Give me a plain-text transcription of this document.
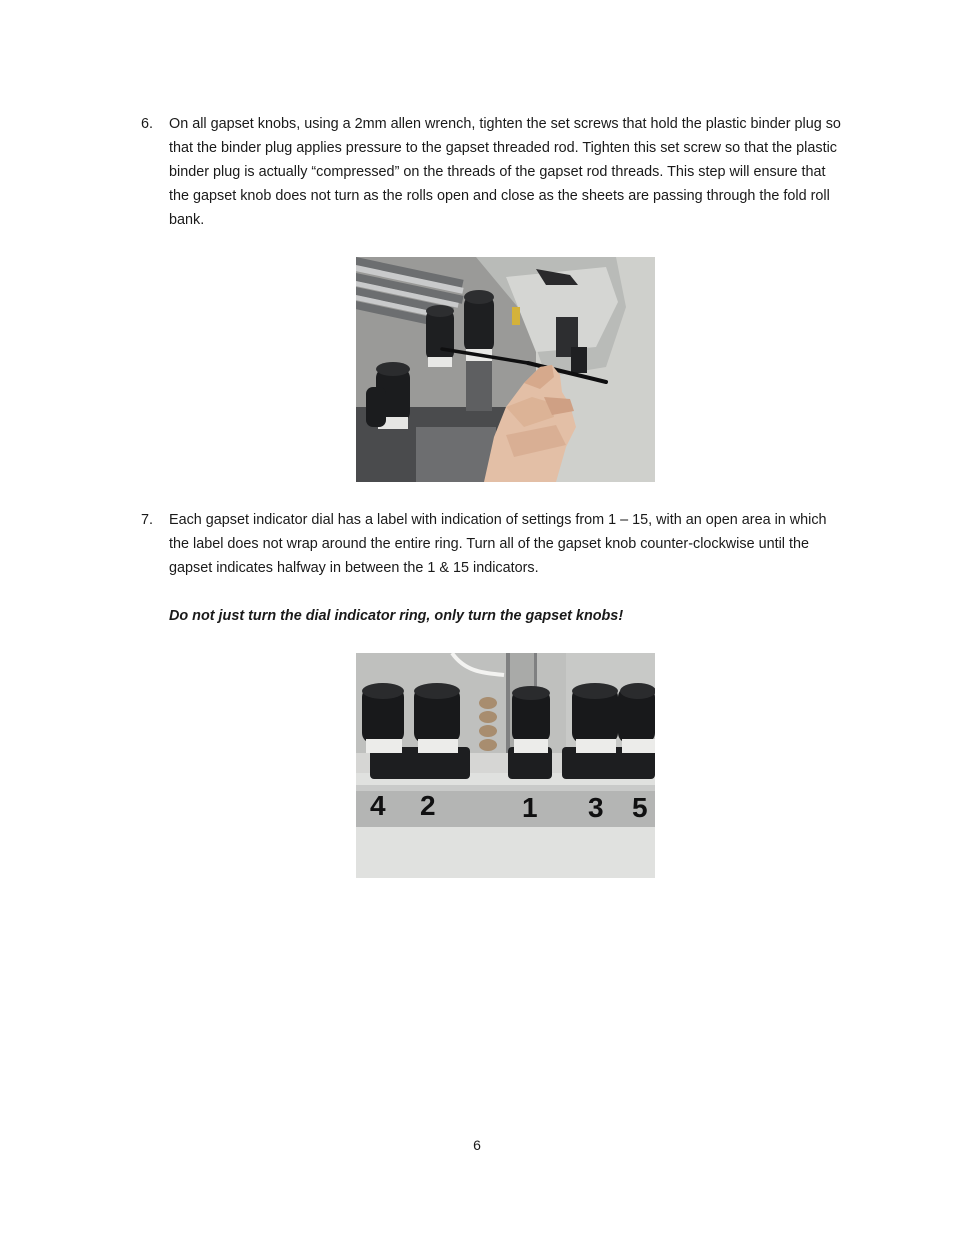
6. On all gapset knobs, using a 2mm allen wrench, tighten the set screws that hold the plastic binder plug so that the binder plug applies pressure to the gapset threaded rod. Tighten this set screw so that the plastic binder plug is actually “compressed” on the threads of the gapset rod threads. This step will ensure that the gapset knob does not turn as the rolls open and close as the sheets are passing through the fold roll bank.
7. Each gapset indicator dial has a label with indication of settings from 1 – 15, with an open area in which the label does not wrap around the entire ring. Turn all of the gapset knob counter-clockwise until the gapset indicates halfway in between the 1 & 15 indicators.
Do not just turn the dial indicator ring, only turn the gapset knobs!
4 2	1 3 5
6
